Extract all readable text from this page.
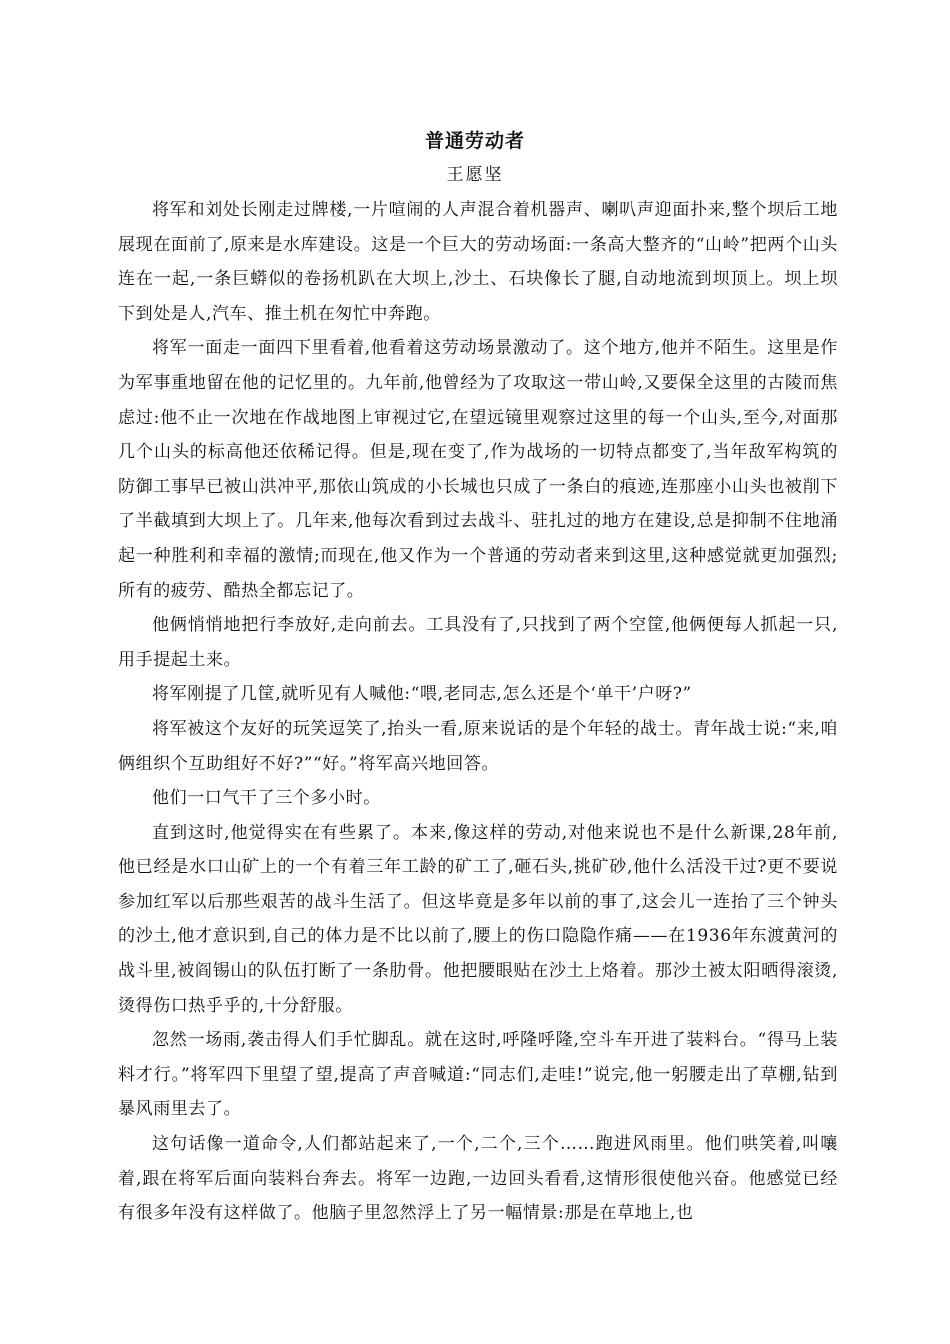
普通劳动者
王愿坚

将军和刘处长刚走过牌楼,一片喧闹的人声混合着机器声、喇叭声迎面扑来,整个坝后工地展现在面前了,原来是水库建设。这是一个巨大的劳动场面:一条高大整齐的“山岭”把两个山头连在一起,一条巨蟒似的卷扬机趴在大坝上,沙土、石块像长了腿,自动地流到坝顶上。坝上坝下到处是人,汽车、推土机在匆忙中奔跑。

将军一面走一面四下里看着,他看着这劳动场景激动了。这个地方,他并不陌生。这里是作为军事重地留在他的记忆里的。九年前,他曾经为了攻取这一带山岭,又要保全这里的古陵而焦虑过:他不止一次地在作战地图上审视过它,在望远镜里观察过这里的每一个山头,至今,对面那几个山头的标高他还依稀记得。但是,现在变了,作为战场的一切特点都变了,当年敌军构筑的防御工事早已被山洪冲平,那依山筑成的小长城也只成了一条白的痕迹,连那座小山头也被削下了半截填到大坝上了。几年来,他每次看到过去战斗、驻扎过的地方在建设,总是抑制不住地涌起一种胜利和幸福的激情;而现在,他又作为一个普通的劳动者来到这里,这种感觉就更加强烈;所有的疲劳、酷热全都忘记了。

他俩悄悄地把行李放好,走向前去。工具没有了,只找到了两个空筐,他俩便每人抓起一只,用手提起土来。

将军刚提了几筐,就听见有人喊他:“喂,老同志,怎么还是个‘单干’户呀?”

将军被这个友好的玩笑逗笑了,抬头一看,原来说话的是个年轻的战士。青年战士说:“来,咱俩组织个互助组好不好?”“好。”将军高兴地回答。

他们一口气干了三个多小时。

直到这时,他觉得实在有些累了。本来,像这样的劳动,对他来说也不是什么新课,28年前,他已经是水口山矿上的一个有着三年工龄的矿工了,砸石头,挑矿砂,他什么活没干过?更不要说参加红军以后那些艰苦的战斗生活了。但这毕竟是多年以前的事了,这会儿一连抬了三个钟头的沙土,他才意识到,自己的体力是不比以前了,腰上的伤口隐隐作痛——在1936年东渡黄河的战斗里,被阎锡山的队伍打断了一条肋骨。他把腰眼贴在沙土上烙着。那沙土被太阳晒得滚烫,烫得伤口热乎乎的,十分舒服。

忽然一场雨,袭击得人们手忙脚乱。就在这时,呼隆呼隆,空斗车开进了装料台。“得马上装料才行。”将军四下里望了望,提高了声音喊道:“同志们,走哇!”说完,他一躬腰走出了草棚,钻到暴风雨里去了。

这句话像一道命令,人们都站起来了,一个,二个,三个……跑进风雨里。他们哄笑着,叫嚷着,跟在将军后面向装料台奔去。将军一边跑,一边回头看看,这情形很使他兴奋。他感觉已经有很多年没有这样做了。他脑子里忽然浮上了另一幅情景:那是在草地上,也
